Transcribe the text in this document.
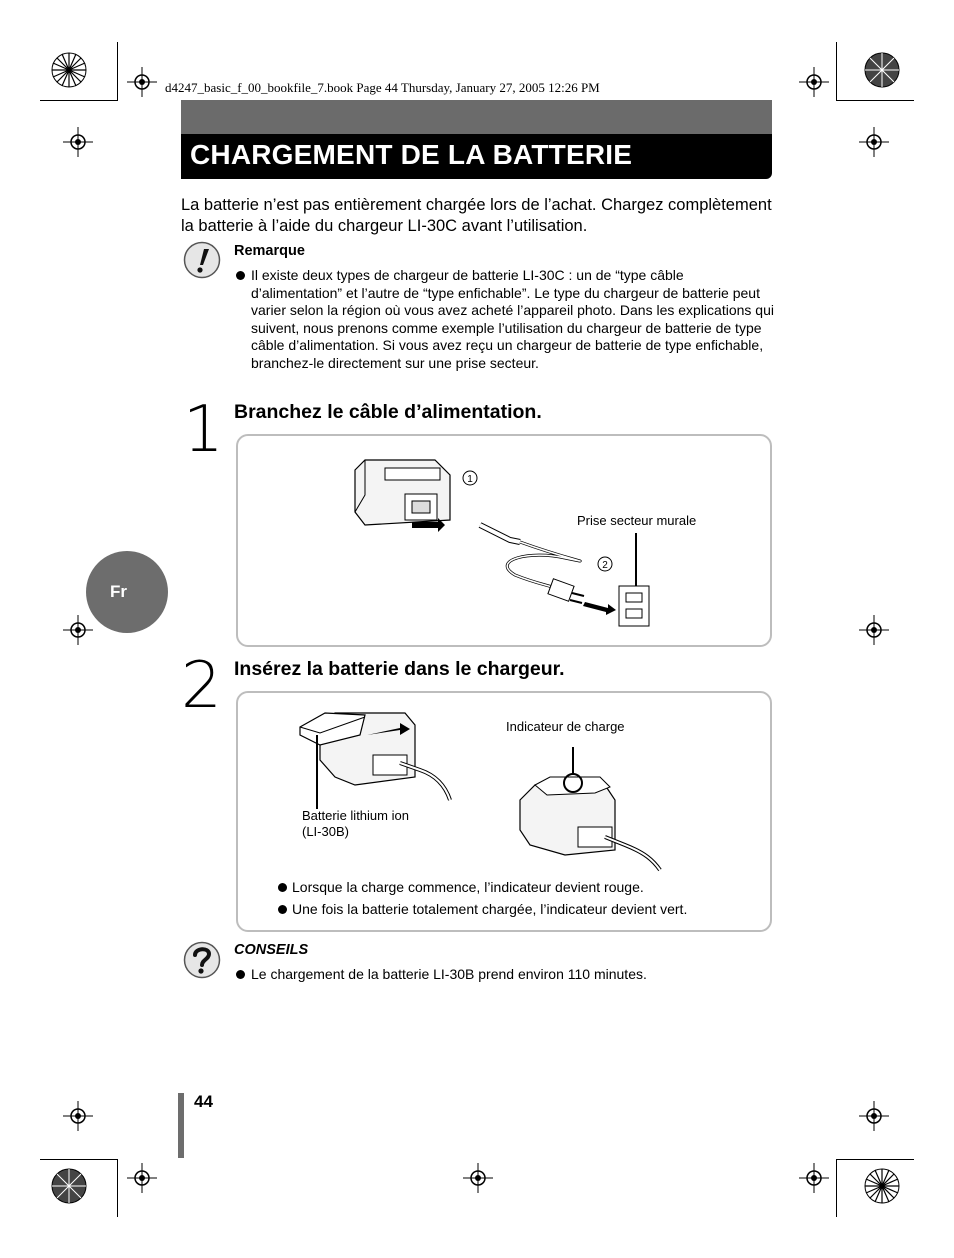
d4247_basic_f_00_bookfile_7.book Page 44 Thursday, January 27, 2005 12:26 PM
CHARGEMENT DE LA BATTERIE
La batterie n’est pas entièrement chargée lors de l’achat. Chargez complètement la batterie à l’aide du chargeur LI-30C avant l’utilisation.
Remarque
Il existe deux types de chargeur de batterie LI-30C : un de “type câble d’alimentation” et l’autre de “type enfichable”. Le type du chargeur de batterie peut varier selon la région où vous avez acheté l’appareil photo. Dans les explications qui suivent, nous prenons comme exemple l’utilisation du chargeur de batterie de type câble d’alimentation. Si vous avez reçu un chargeur de batterie de type enfichable, branchez-le directement sur une prise secteur.
1 Branchez le câble d’alimentation.
1
2
Prise secteur murale
Fr
2 Insérez la batterie dans le chargeur.
Indicateur de charge
Batterie lithium ion
(LI-30B)
Lorsque la charge commence, l’indicateur devient rouge.
Une fois la batterie totalement chargée, l’indicateur devient vert.
CONSEILS
Le chargement de la batterie LI-30B prend environ 110 minutes.
44
